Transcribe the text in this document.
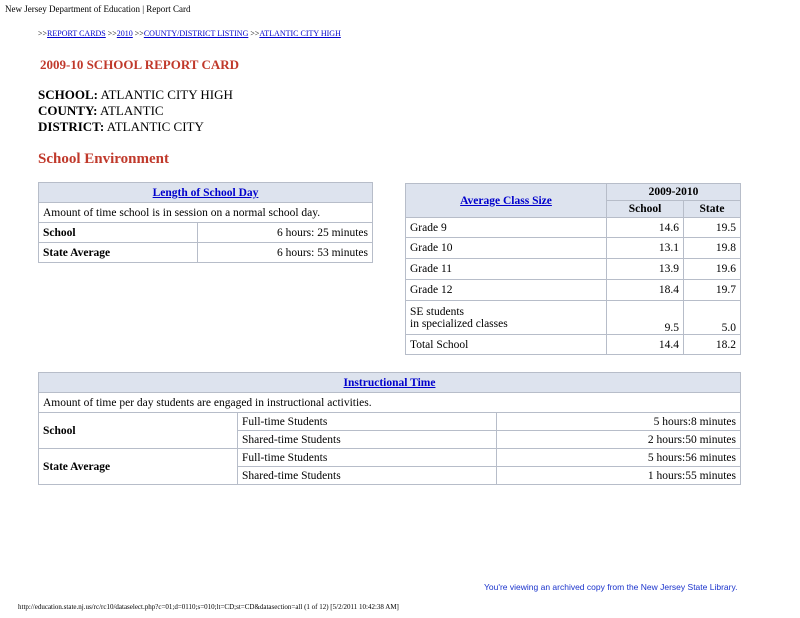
New Jersey Department of Education | Report Card
>>REPORT CARDS >>2010 >>COUNTY/DISTRICT LISTING >>ATLANTIC CITY HIGH
2009-10 SCHOOL REPORT CARD
SCHOOL: ATLANTIC CITY HIGH
COUNTY: ATLANTIC
DISTRICT: ATLANTIC CITY
School Environment
Length of School Day	
Amount of time school is in session on a normal school day.	
School	6 hours: 25 minutes
State Average	6 hours: 53 minutes
Average Class Size	2009-2010	
	School	State
Grade 9	14.6	19.5
Grade 10	13.1	19.8
Grade 11	13.9	19.6
Grade 12	18.4	19.7

SE students
in specialized classes	9.5	5.0
Total School	14.4	18.2
Instructional Time		
Amount of time per day students are engaged in instructional activities.		
School	Full-time Students	5 hours:8 minutes
	Shared-time Students	2 hours:50 minutes
State Average	Full-time Students	5 hours:56 minutes
	Shared-time Students	1 hours:55 minutes
You're viewing an archived copy from the New Jersey State Library.
http://education.state.nj.us/rc/rc10/dataselect.php?c=01;d=0110;s=010;lt=CD;st=CD&datasection=all (1 of 12) [5/2/2011 10:42:38 AM]
